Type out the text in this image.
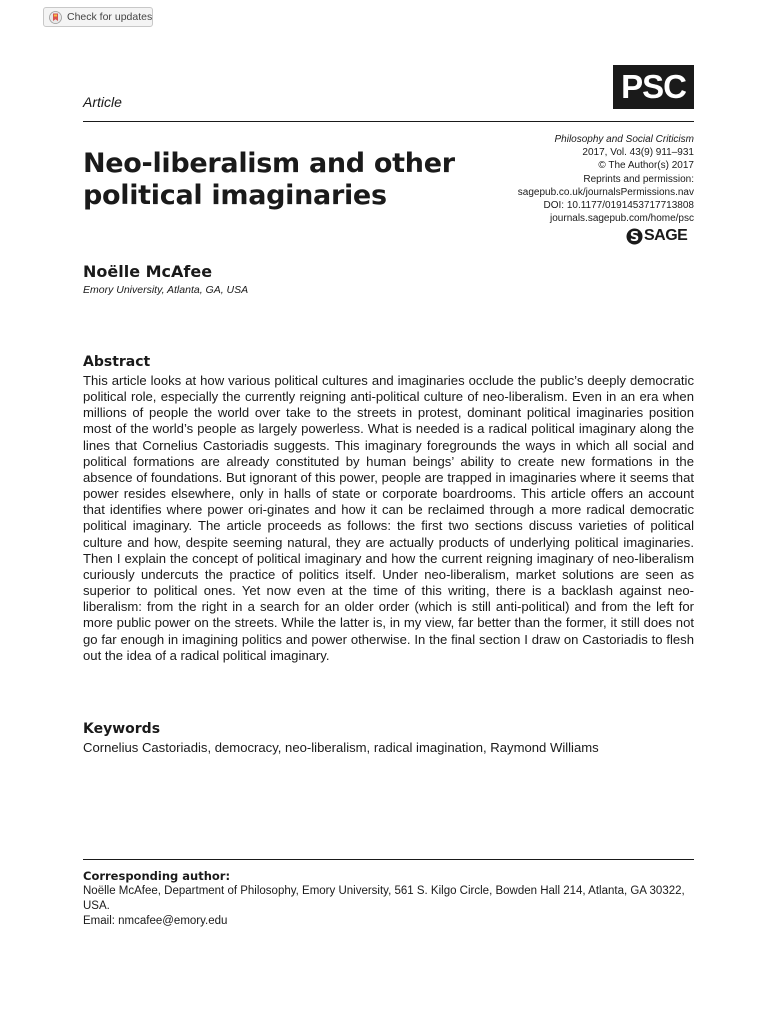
Check for updates
Article	PSC
Philosophy and Social Criticism
2017, Vol. 43(9) 911–931
© The Author(s) 2017
Reprints and permission:
sagepub.co.uk/journalsPermissions.nav
DOI: 10.1177/0191453717713808
journals.sagepub.com/home/psc
S SAGE
Neo-liberalism and other political imaginaries
Noëlle McAfee
Emory University, Atlanta, GA, USA
Abstract

This article looks at how various political cultures and imaginaries occlude the public’s deeply democratic political role, especially the currently reigning anti-political culture of neo-liberalism. Even in an era when millions of people the world over take to the streets in protest, dominant political imaginaries position most of the world’s people as largely powerless. What is needed is a radical political imaginary along the lines that Cornelius Castoriadis suggests. This imaginary foregrounds the ways in which all social and political formations are already constituted by human beings’ ability to create new formations in the absence of foundations. But ignorant of this power, people are trapped in imaginaries where it seems that power resides elsewhere, only in halls of state or corporate boardrooms. This article offers an account that identifies where power ori-ginates and how it can be reclaimed through a more radical democratic political imaginary. The article proceeds as follows: the first two sections discuss varieties of political culture and how, despite seeming natural, they are actually products of underlying political imaginaries. Then I explain the concept of political imaginary and how the current reigning imaginary of neo-liberalism curiously undercuts the practice of politics itself. Under neo-liberalism, market solutions are seen as superior to political ones. Yet now even at the time of this writing, there is a backlash against neo-liberalism: from the right in a search for an older order (which is still anti-political) and from the left for more public power on the streets. While the latter is, in my view, far better than the former, it still does not go far enough in imagining politics and power otherwise. In the final section I draw on Castoriadis to flesh out the idea of a radical political imaginary.

Keywords
Cornelius Castoriadis, democracy, neo-liberalism, radical imagination, Raymond Williams
Corresponding author:
Noëlle McAfee, Department of Philosophy, Emory University, 561 S. Kilgo Circle, Bowden Hall 214, Atlanta, GA 30322, USA.
Email: nmcafee@emory.edu
